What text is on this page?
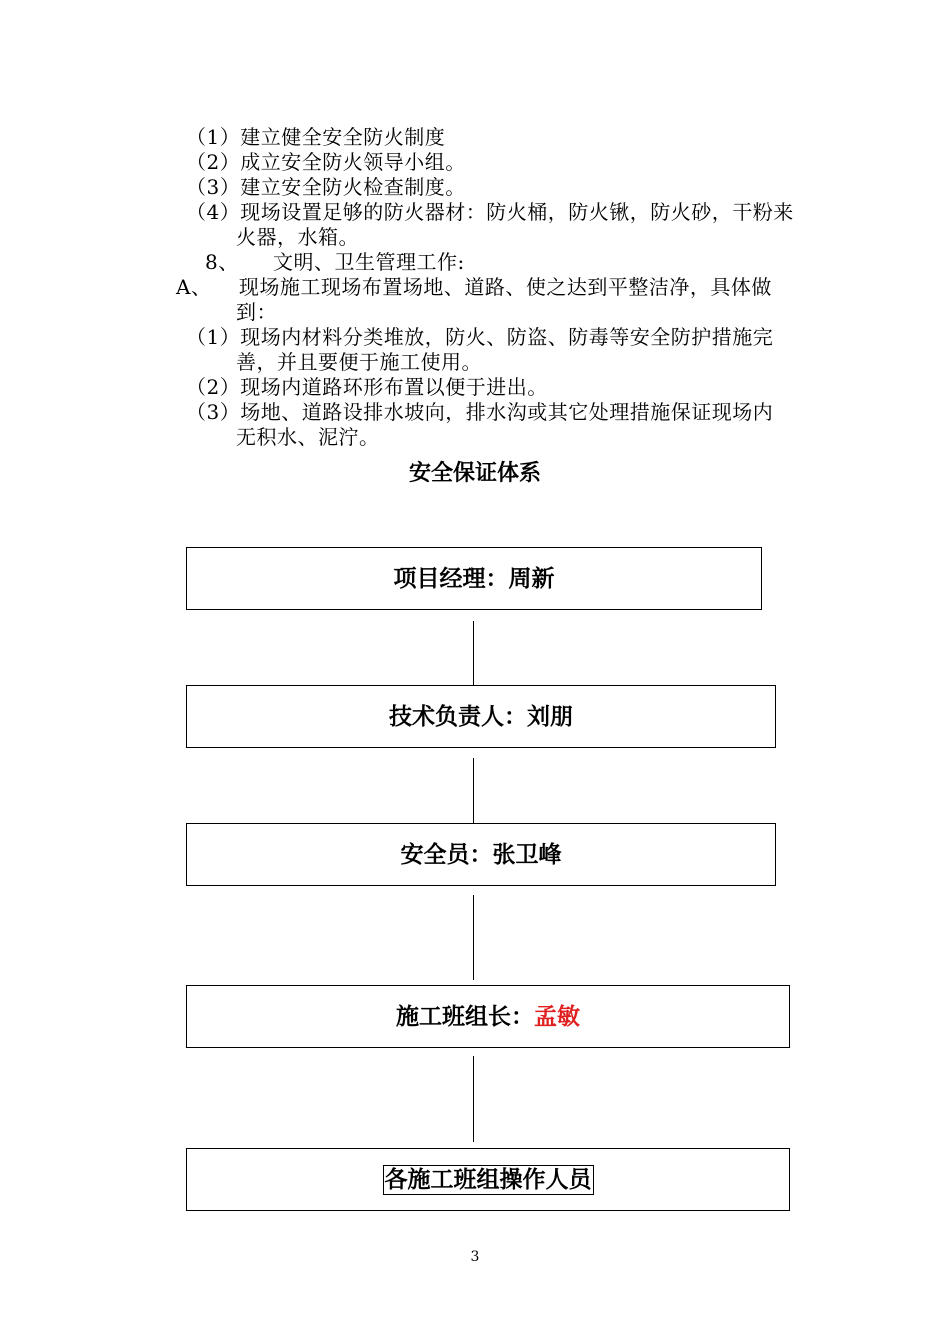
（1）建立健全安全防火制度
（2）成立安全防火领导小组。
（3）建立安全防火检查制度。
（4）现场设置足够的防火器材：防火桶，防火锹，防火砂，干粉来
火器，水箱。
8、     文明、卫生管理工作:
A、    现场施工现场布置场地、道路、使之达到平整洁净，具体做
到：
（1）现场内材料分类堆放，防火、防盗、防毒等安全防护措施完
善，并且要便于施工使用。
（2）现场内道路环形布置以便于进出。
（3）场地、道路设排水坡向，排水沟或其它处理措施保证现场内
无积水、泥泞。
安全保证体系
项目经理：周新
技术负责人：刘朋
安全员：张卫峰
施工班组长：孟敏
各施工班组操作人员
3
